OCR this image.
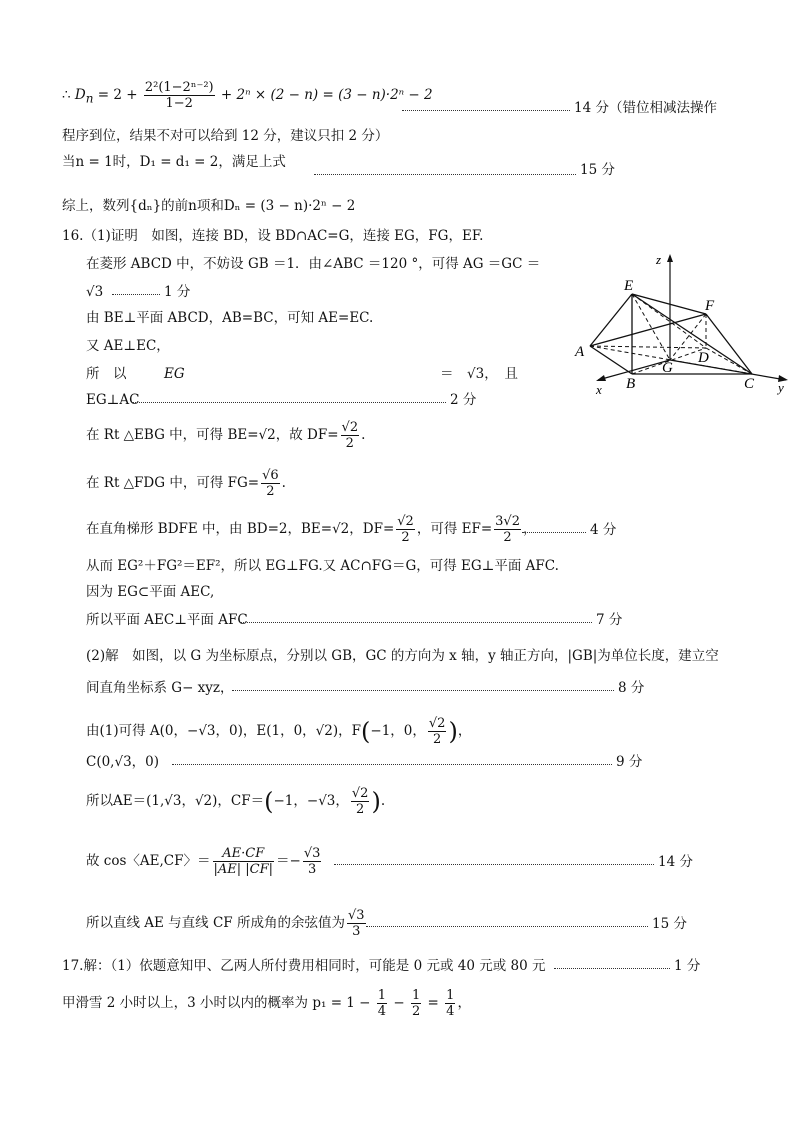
∴ $D_n = 2 + \frac{\text{2²(1−2ⁿ⁻²)}}{1-2} + 2^n \times (2 - n) = (3 - n)\cdot 2^n - 2$
14 分（错位相减法操作
程序到位，结果不对可以给到 12 分，建议只扣 2 分）
当n = 1时，D₁ = d₁ = 2，满足上式	15 分
综上，数列{dₙ}的前n项和Dₙ = (3 − n)·2ⁿ − 2
16.（1)证明　如图，连接 BD，设 BD∩AC=G，连接 EG，FG，EF.
在菱形 ABCD 中，不妨设 GB ＝1．由∠ABC ＝120 °，可得 AG ＝GC ＝
√3	1 分
由 BE⊥平面 ABCD，AB=BC，可知 AE=EC.
又 AE⊥EC，
所　以	EG	＝　√3，　且
EG⊥AC	2 分
在 Rt △EBG 中，可得 BE=√2，故 $DF= \frac{√2}{2}$ .
在 Rt △FDG 中，可得 $FG= \frac{√6}{2}$ .
在直角梯形 BDFE 中，由 BD=2，BE=√2，$DF= \frac{√2}{2}$ ，可得 $EF= \frac{3√2}{2}$ ，	4 分
从而 EG²＋FG²＝EF²，所以 EG⊥FG.又 AC∩FG＝G，可得 EG⊥平面 AFC.
因为 EG⊂平面 AEC,
所以平面 AEC⊥平面 AFC	7 分
(2)解　如图，以 G 为坐标原点，分别以 GB，GC 的方向为 x 轴，y 轴正方向，|GB|为单位长度，建立空
间直角坐标系 G− xyz，	8 分
由(1)可得 A(0，−√3，0)，E(1，0，√2)，F(−1，0， $\frac{√2}{2}$ )，
C(0,√3，0)	9 分
所以AE＝(1,√3，√2)，CF＝(−1，−√3， $\frac{√2}{2}$ ).
故 cos〈AE,CF〉＝ $\frac{AE\cdot CF}{|AE| |CF|} =- \frac{√3}{3}$	14 分
所以直线 AE 与直线 CF 所成角的余弦值为 $\frac{√3}{3}$	15 分
17.解：（1）依题意知甲、乙两人所付费用相同时，可能是 0 元或 40 元或 80 元	1 分
甲滑雪 2 小时以上，3 小时以内的概率为 $p_1 = 1 - \frac{1}{4} - \frac{1}{2} = \frac{1}{4}$ ，
z
E
F
A	D
G
B	C
x	y
